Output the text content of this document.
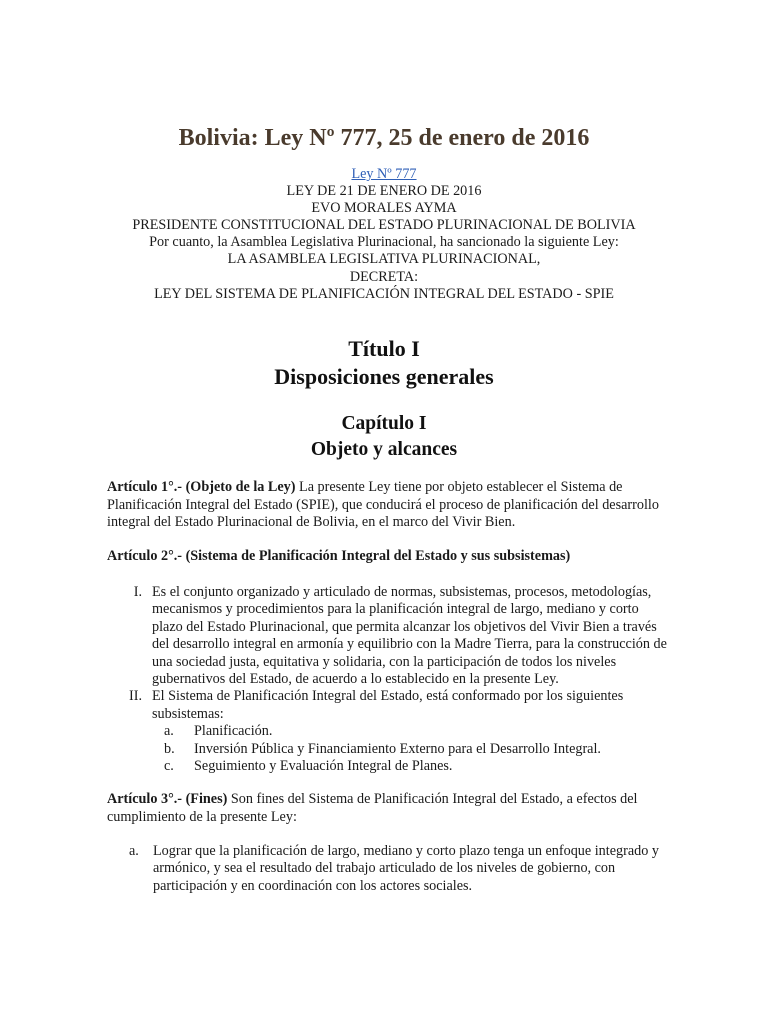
Bolivia: Ley Nº 777, 25 de enero de 2016
Ley Nº 777
LEY DE 21 DE ENERO DE 2016
EVO MORALES AYMA
PRESIDENTE CONSTITUCIONAL DEL ESTADO PLURINACIONAL DE BOLIVIA
Por cuanto, la Asamblea Legislativa Plurinacional, ha sancionado la siguiente Ley:
LA ASAMBLEA LEGISLATIVA PLURINACIONAL,
DECRETA:
LEY DEL SISTEMA DE PLANIFICACIÓN INTEGRAL DEL ESTADO - SPIE
Título I
Disposiciones generales
Capítulo I
Objeto y alcances

Artículo 1°.- (Objeto de la Ley) La presente Ley tiene por objeto establecer el Sistema de Planificación Integral del Estado (SPIE), que conducirá el proceso de planificación del desarrollo integral del Estado Plurinacional de Bolivia, en el marco del Vivir Bien.

Artículo 2°.- (Sistema de Planificación Integral del Estado y sus subsistemas)

I. Es el conjunto organizado y articulado de normas, subsistemas, procesos, metodologías, mecanismos y procedimientos para la planificación integral de largo, mediano y corto plazo del Estado Plurinacional, que permita alcanzar los objetivos del Vivir Bien a través del desarrollo integral en armonía y equilibrio con la Madre Tierra, para la construcción de una sociedad justa, equitativa y solidaria, con la participación de todos los niveles gubernativos del Estado, de acuerdo a lo establecido en la presente Ley.
II. El Sistema de Planificación Integral del Estado, está conformado por los siguientes subsistemas:
a.	Planificación.
b.	Inversión Pública y Financiamiento Externo para el Desarrollo Integral.
c.	Seguimiento y Evaluación Integral de Planes.

Artículo 3°.- (Fines) Son fines del Sistema de Planificación Integral del Estado, a efectos del cumplimiento de la presente Ley:

a. Lograr que la planificación de largo, mediano y corto plazo tenga un enfoque integrado y armónico, y sea el resultado del trabajo articulado de los niveles de gobierno, con participación y en coordinación con los actores sociales.
